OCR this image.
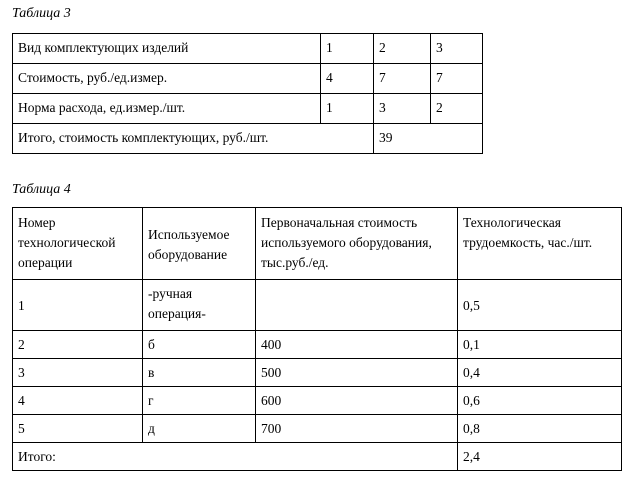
Таблица 3
Вид комплектующих изделий	1	2	3
Стоимость, руб./ед.измер.	4	7	7
Норма расхода, ед.измер./шт.	1	3	2
Итого, стоимость комплектующих, руб./шт.		39	
Таблица 4
Номер технологической операции	Используемое оборудование	Первоначальная стоимость используемого оборудования, тыс.руб./ед.	Технологическая трудоемкость, час./шт.
1	-ручная операция-		0,5
2	б	400	0,1
3	в	500	0,4
4	г	600	0,6
5	д	700	0,8
Итого:			2,4
